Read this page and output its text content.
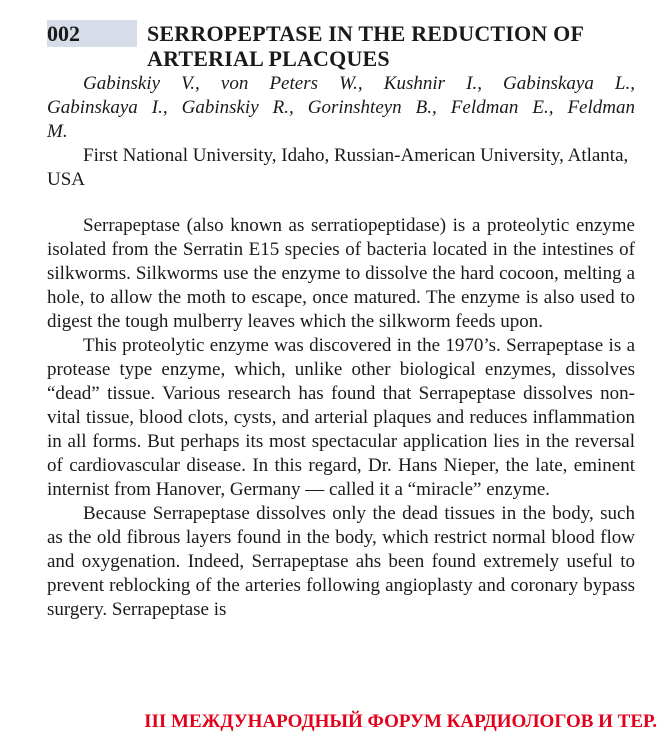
002	SERROPEPTASE IN THE REDUCTION OF ARTERIAL PLACQUES

Gabinskiy V., von Peters W., Kushnir I., Gabinskaya L., Gabinskaya I., Gabinskiy R., Gorinshteyn B., Feldman E., Feldman M.

First National University, Idaho, Russian-American University, Atlanta, USA

Serrapeptase (also known as serratiopeptidase) is a proteolytic enzyme isolated from the Serratin E15 species of bacteria located in the intestines of silkworms. Silkworms use the enzyme to dissolve the hard cocoon, melting a hole, to allow the moth to escape, once matured. The enzyme is also used to digest the tough mulberry leaves which the silkworm feeds upon.

This proteolytic enzyme was discovered in the 1970’s. Serrapeptase is a protease type enzyme, which, unlike other biological enzymes, dissolves “dead” tissue. Various research has found that Serrapeptase dissolves non-vital tissue, blood clots, cysts, and arterial plaques and reduces inflammation in all forms. But perhaps its most spectacular application lies in the reversal of cardiovascular disease. In this regard, Dr. Hans Nieper, the late, eminent internist from Hanover, Germany — called it a “miracle” enzyme.

Because Serrapeptase dissolves only the dead tissues in the body, such as the old fibrous layers found in the body, which restrict normal blood flow and oxygenation. Indeed, Serrapeptase ahs been found extremely useful to prevent reblocking of the arteries following angioplasty and coronary bypass surgery. Serrapeptase is

III МЕЖДУНАРОДНЫЙ ФОРУМ КАРДИОЛОГОВ И ТЕР.
